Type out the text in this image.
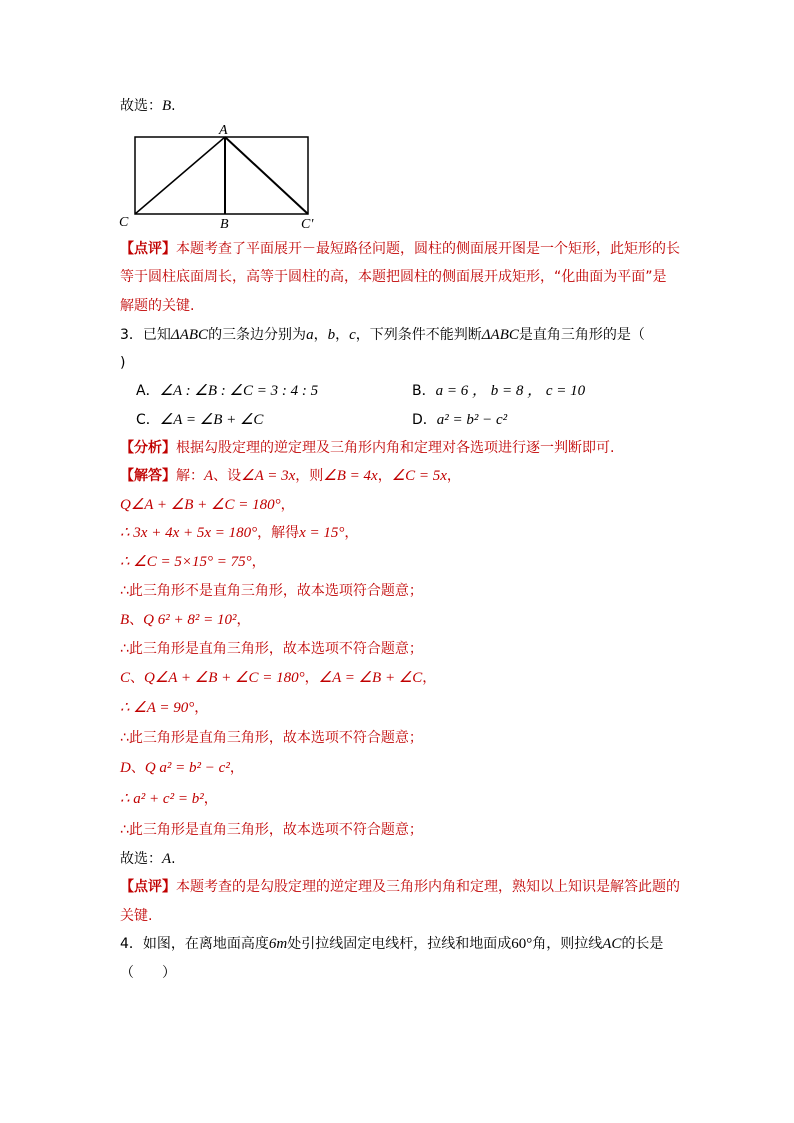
故选：B.
A
C	B	C'
【点评】本题考查了平面展开－最短路径问题，圆柱的侧面展开图是一个矩形，此矩形的长
等于圆柱底面周长，高等于圆柱的高，本题把圆柱的侧面展开成矩形，“化曲面为平面”是
解题的关键.
3．已知ΔABC的三条边分别为a，b，c，下列条件不能判断ΔABC是直角三角形的是（
)
A．∠A : ∠B : ∠C = 3 : 4 : 5	B．a = 6 ， b = 8 ， c = 10
C．∠A = ∠B + ∠C	D．a² = b² − c²
【分析】根据勾股定理的逆定理及三角形内角和定理对各选项进行逐一判断即可.
【解答】解：A、设∠A = 3x，则∠B = 4x，∠C = 5x，
Q∠A + ∠B + ∠C = 180°，
∴ 3x + 4x + 5x = 180°，解得x = 15°，
∴ ∠C = 5×15° = 75°，
∴此三角形不是直角三角形，故本选项符合题意；
B、Q 6² + 8² = 10²，
∴此三角形是直角三角形，故本选项不符合题意；
C、Q∠A + ∠B + ∠C = 180°，∠A = ∠B + ∠C，
∴ ∠A = 90°，
∴此三角形是直角三角形，故本选项不符合题意；
D、Q a² = b² − c²，
∴ a² + c² = b²，
∴此三角形是直角三角形，故本选项不符合题意；
故选：A.
【点评】本题考查的是勾股定理的逆定理及三角形内角和定理，熟知以上知识是解答此题的
关键.
4．如图，在离地面高度6m处引拉线固定电线杆，拉线和地面成60°角，则拉线AC的长是
（　　）
